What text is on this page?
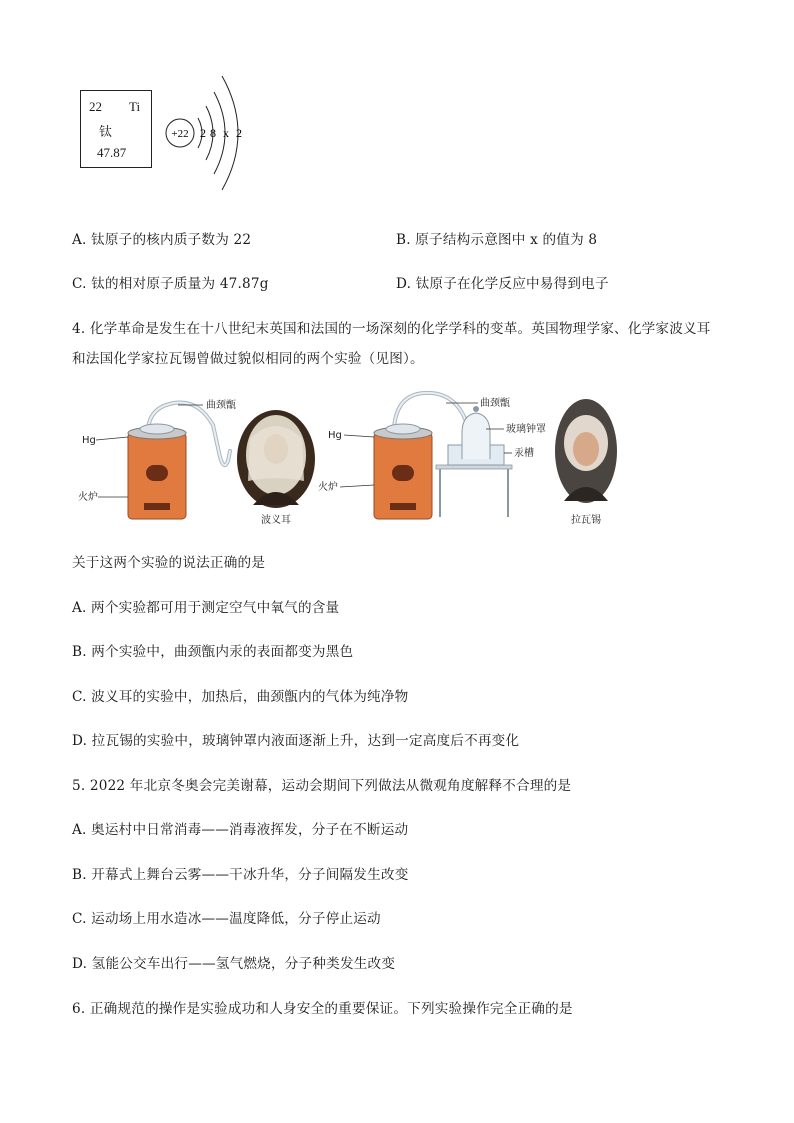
22 Ti
钛
47.87
+22 2 8 x 2
A. 钛原子的核内质子数为 22	B. 原子结构示意图中 x 的值为 8
C. 钛的相对原子质量为 47.87g	D. 钛原子在化学反应中易得到电子
4. 化学革命是发生在十八世纪末英国和法国的一场深刻的化学学科的变革。英国物理学家、化学家波义耳
和法国化学家拉瓦锡曾做过貌似相同的两个实验（见图）。
曲颈甑
Hg
火炉
波义耳
玻璃钟罩
汞槽
曲颈甑
Hg
火炉
拉瓦锡
关于这两个实验的说法正确的是
A. 两个实验都可用于测定空气中氧气的含量
B. 两个实验中，曲颈甑内汞的表面都变为黑色
C. 波义耳的实验中，加热后，曲颈甑内的气体为纯净物
D. 拉瓦锡的实验中，玻璃钟罩内液面逐渐上升，达到一定高度后不再变化
5. 2022 年北京冬奥会完美谢幕，运动会期间下列做法从微观角度解释不合理的是
A. 奥运村中日常消毒——消毒液挥发，分子在不断运动
B. 开幕式上舞台云雾——干冰升华，分子间隔发生改变
C. 运动场上用水造冰——温度降低，分子停止运动
D. 氢能公交车出行——氢气燃烧，分子种类发生改变
6. 正确规范的操作是实验成功和人身安全的重要保证。下列实验操作完全正确的是
